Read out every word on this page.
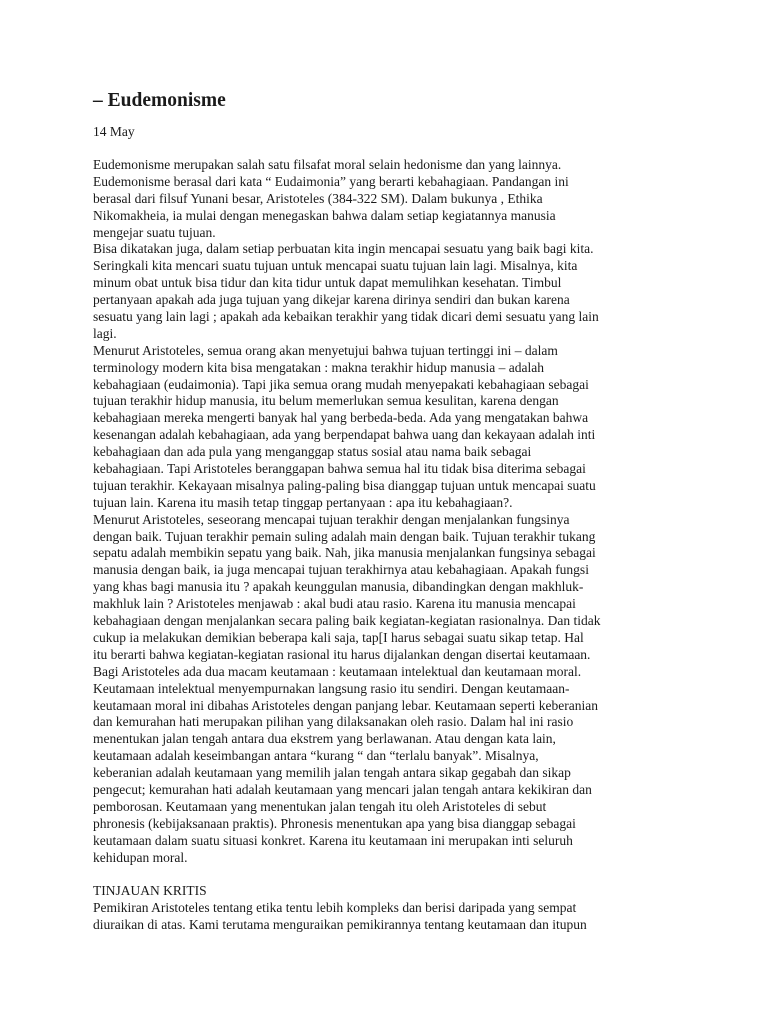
– Eudemonisme
14 May
Eudemonisme merupakan salah satu filsafat moral selain hedonisme dan yang lainnya.
Eudemonisme berasal dari kata “ Eudaimonia” yang berarti kebahagiaan. Pandangan ini
berasal dari filsuf Yunani besar, Aristoteles (384-322 SM). Dalam bukunya , Ethika
Nikomakheia, ia mulai dengan menegaskan bahwa dalam setiap kegiatannya manusia
mengejar suatu tujuan.
Bisa dikatakan juga, dalam setiap perbuatan kita ingin mencapai sesuatu yang baik bagi kita.
Seringkali kita mencari suatu tujuan untuk mencapai suatu tujuan lain lagi. Misalnya, kita
minum obat untuk bisa tidur dan kita tidur untuk dapat memulihkan kesehatan. Timbul
pertanyaan apakah ada juga tujuan yang dikejar karena dirinya sendiri dan bukan karena
sesuatu yang lain lagi ; apakah ada kebaikan terakhir yang tidak dicari demi sesuatu yang lain
lagi.
Menurut Aristoteles, semua orang akan menyetujui bahwa tujuan tertinggi ini – dalam
terminology modern kita bisa mengatakan : makna terakhir hidup manusia – adalah
kebahagiaan (eudaimonia). Tapi jika semua orang mudah menyepakati kebahagiaan sebagai
tujuan terakhir hidup manusia, itu belum memerlukan semua kesulitan, karena dengan
kebahagiaan mereka mengerti banyak hal yang berbeda-beda. Ada yang mengatakan bahwa
kesenangan adalah kebahagiaan, ada yang berpendapat bahwa uang dan kekayaan adalah inti
kebahagiaan dan ada pula yang menganggap status sosial atau nama baik sebagai
kebahagiaan. Tapi Aristoteles beranggapan bahwa semua hal itu tidak bisa diterima sebagai
tujuan terakhir. Kekayaan misalnya paling-paling bisa dianggap tujuan untuk mencapai suatu
tujuan lain. Karena itu masih tetap tinggap pertanyaan : apa itu kebahagiaan?.
Menurut Aristoteles, seseorang mencapai tujuan terakhir dengan menjalankan fungsinya
dengan baik. Tujuan terakhir pemain suling adalah main dengan baik. Tujuan terakhir tukang
sepatu adalah membikin sepatu yang baik. Nah, jika manusia menjalankan fungsinya sebagai
manusia dengan baik, ia juga mencapai tujuan terakhirnya atau kebahagiaan. Apakah fungsi
yang khas bagi manusia itu ? apakah keunggulan manusia, dibandingkan dengan makhluk-
makhluk lain ? Aristoteles menjawab : akal budi atau rasio. Karena itu manusia mencapai
kebahagiaan dengan menjalankan secara paling baik kegiatan-kegiatan rasionalnya. Dan tidak
cukup ia melakukan demikian beberapa kali saja, tap[I harus sebagai suatu sikap tetap. Hal
itu berarti bahwa kegiatan-kegiatan rasional itu harus dijalankan dengan disertai keutamaan.
Bagi Aristoteles ada dua macam keutamaan : keutamaan intelektual dan keutamaan moral.
Keutamaan intelektual menyempurnakan langsung rasio itu sendiri. Dengan keutamaan-
keutamaan moral ini dibahas Aristoteles dengan panjang lebar. Keutamaan seperti keberanian
dan kemurahan hati merupakan pilihan yang dilaksanakan oleh rasio. Dalam hal ini rasio
menentukan jalan tengah antara dua ekstrem yang berlawanan. Atau dengan kata lain,
keutamaan adalah keseimbangan antara “kurang “ dan “terlalu banyak”. Misalnya,
keberanian adalah keutamaan yang memilih jalan tengah antara sikap gegabah dan sikap
pengecut; kemurahan hati adalah keutamaan yang mencari jalan tengah antara kekikiran dan
pemborosan. Keutamaan yang menentukan jalan tengah itu oleh Aristoteles di sebut
phronesis (kebijaksanaan praktis). Phronesis menentukan apa yang bisa dianggap sebagai
keutamaan dalam suatu situasi konkret. Karena itu keutamaan ini merupakan inti seluruh
kehidupan moral.
TINJAUAN KRITIS
Pemikiran Aristoteles tentang etika tentu lebih kompleks dan berisi daripada yang sempat
diuraikan di atas. Kami terutama menguraikan pemikirannya tentang keutamaan dan itupun
